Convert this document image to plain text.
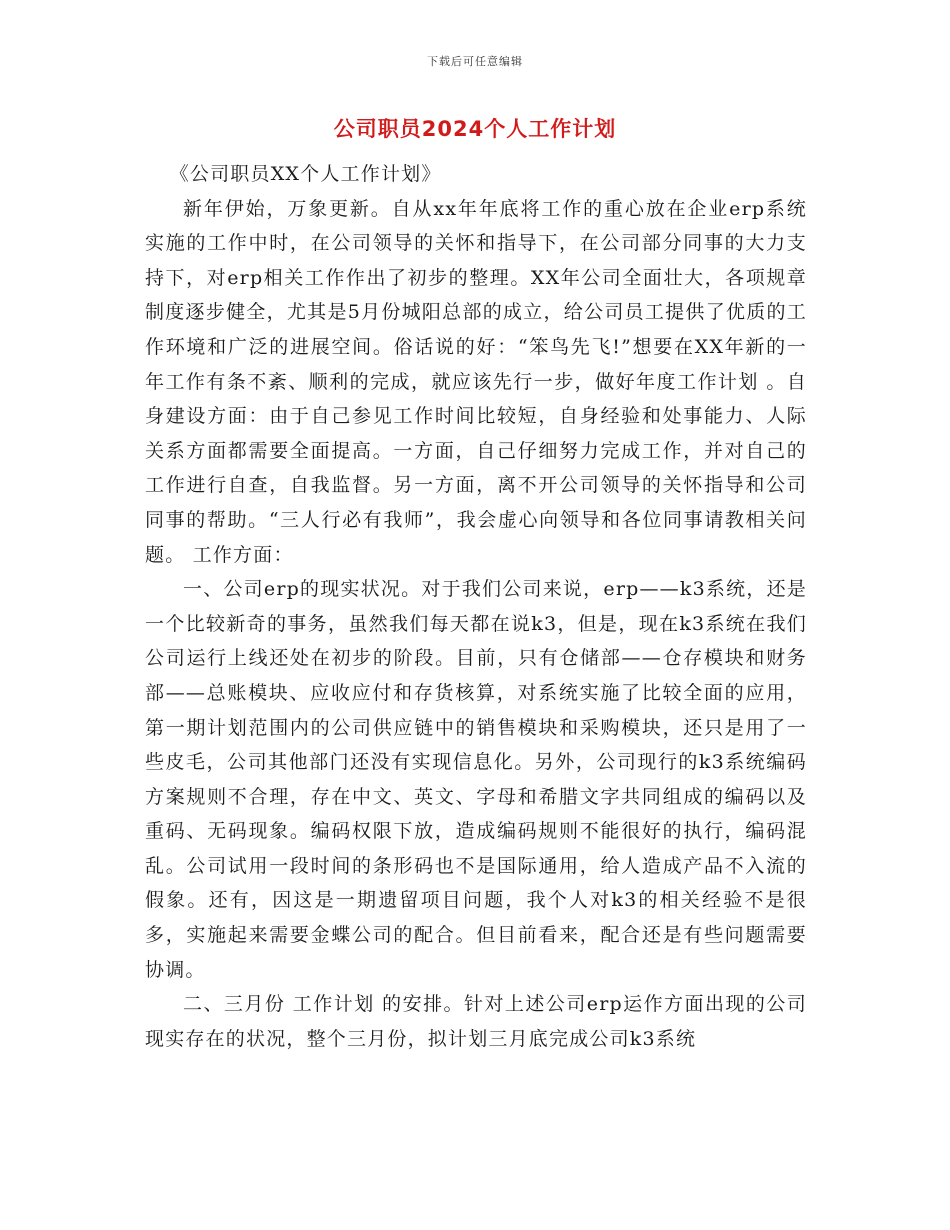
下载后可任意编辑
公司职员2024个人工作计划

《公司职员XX个人工作计划》

新年伊始，万象更新。自从xx年年底将工作的重心放在企业erp系统实施的工作中时，在公司领导的关怀和指导下，在公司部分同事的大力支持下，对erp相关工作作出了初步的整理。XX年公司全面壮大，各项规章制度逐步健全，尤其是5月份城阳总部的成立，给公司员工提供了优质的工作环境和广泛的进展空间。俗话说的好：“笨鸟先飞!”想要在XX年新的一年工作有条不紊、顺利的完成，就应该先行一步，做好年度工作计划 。自身建设方面：由于自己参见工作时间比较短，自身经验和处事能力、人际关系方面都需要全面提高。一方面，自己仔细努力完成工作，并对自己的工作进行自查，自我监督。另一方面，离不开公司领导的关怀指导和公司同事的帮助。“三人行必有我师”，我会虚心向领导和各位同事请教相关问题。 工作方面：

一、公司erp的现实状况。对于我们公司来说，erp——k3系统，还是一个比较新奇的事务，虽然我们每天都在说k3，但是，现在k3系统在我们公司运行上线还处在初步的阶段。目前，只有仓储部——仓存模块和财务部——总账模块、应收应付和存货核算，对系统实施了比较全面的应用，第一期计划范围内的公司供应链中的销售模块和采购模块，还只是用了一些皮毛，公司其他部门还没有实现信息化。另外，公司现行的k3系统编码方案规则不合理，存在中文、英文、字母和希腊文字共同组成的编码以及重码、无码现象。编码权限下放，造成编码规则不能很好的执行，编码混乱。公司试用一段时间的条形码也不是国际通用，给人造成产品不入流的假象。还有，因这是一期遗留项目问题，我个人对k3的相关经验不是很多，实施起来需要金蝶公司的配合。但目前看来，配合还是有些问题需要协调。

二、三月份 工作计划 的安排。针对上述公司erp运作方面出现的公司现实存在的状况，整个三月份，拟计划三月底完成公司k3系统
